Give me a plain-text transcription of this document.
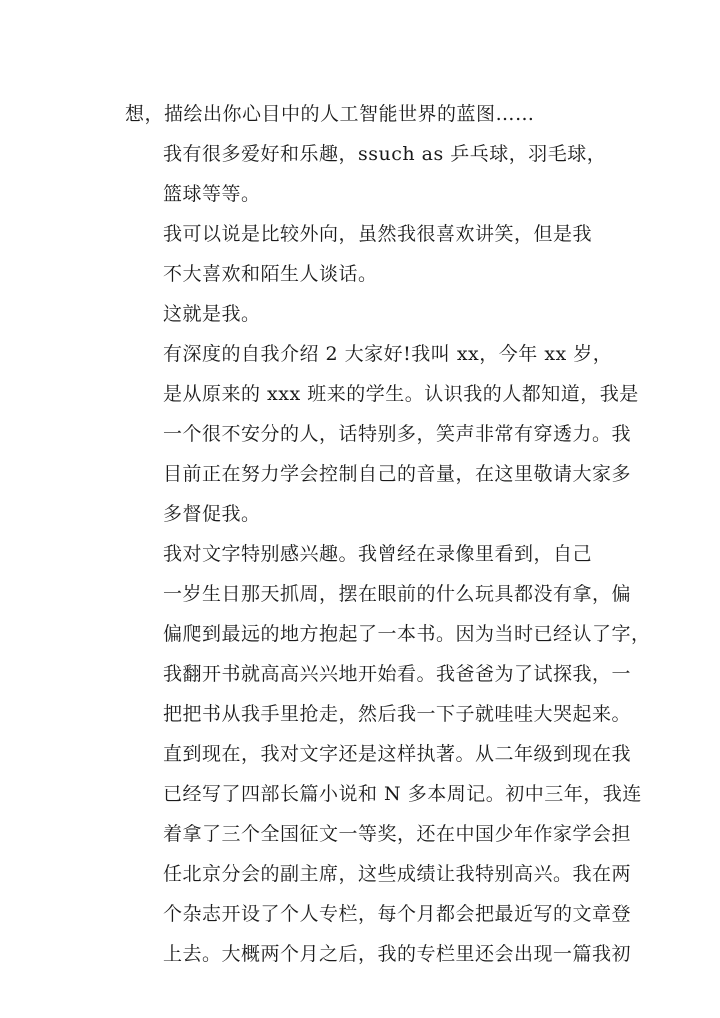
想，描绘出你心目中的人工智能世界的蓝图……
我有很多爱好和乐趣，ssuch as 乒乓球，羽毛球，
篮球等等。
我可以说是比较外向，虽然我很喜欢讲笑，但是我
不大喜欢和陌生人谈话。
这就是我。
有深度的自我介绍 2 大家好!我叫 xx，今年 xx 岁，
是从原来的 xxx 班来的学生。认识我的人都知道，我是
一个很不安分的人，话特别多，笑声非常有穿透力。我
目前正在努力学会控制自己的音量，在这里敬请大家多
多督促我。
我对文字特别感兴趣。我曾经在录像里看到，自己
一岁生日那天抓周，摆在眼前的什么玩具都没有拿，偏
偏爬到最远的地方抱起了一本书。因为当时已经认了字，
我翻开书就高高兴兴地开始看。我爸爸为了试探我，一
把把书从我手里抢走，然后我一下子就哇哇大哭起来。
直到现在，我对文字还是这样执著。从二年级到现在我
已经写了四部长篇小说和 N 多本周记。初中三年，我连
着拿了三个全国征文一等奖，还在中国少年作家学会担
任北京分会的副主席，这些成绩让我特别高兴。我在两
个杂志开设了个人专栏，每个月都会把最近写的文章登
上去。大概两个月之后，我的专栏里还会出现一篇我初
